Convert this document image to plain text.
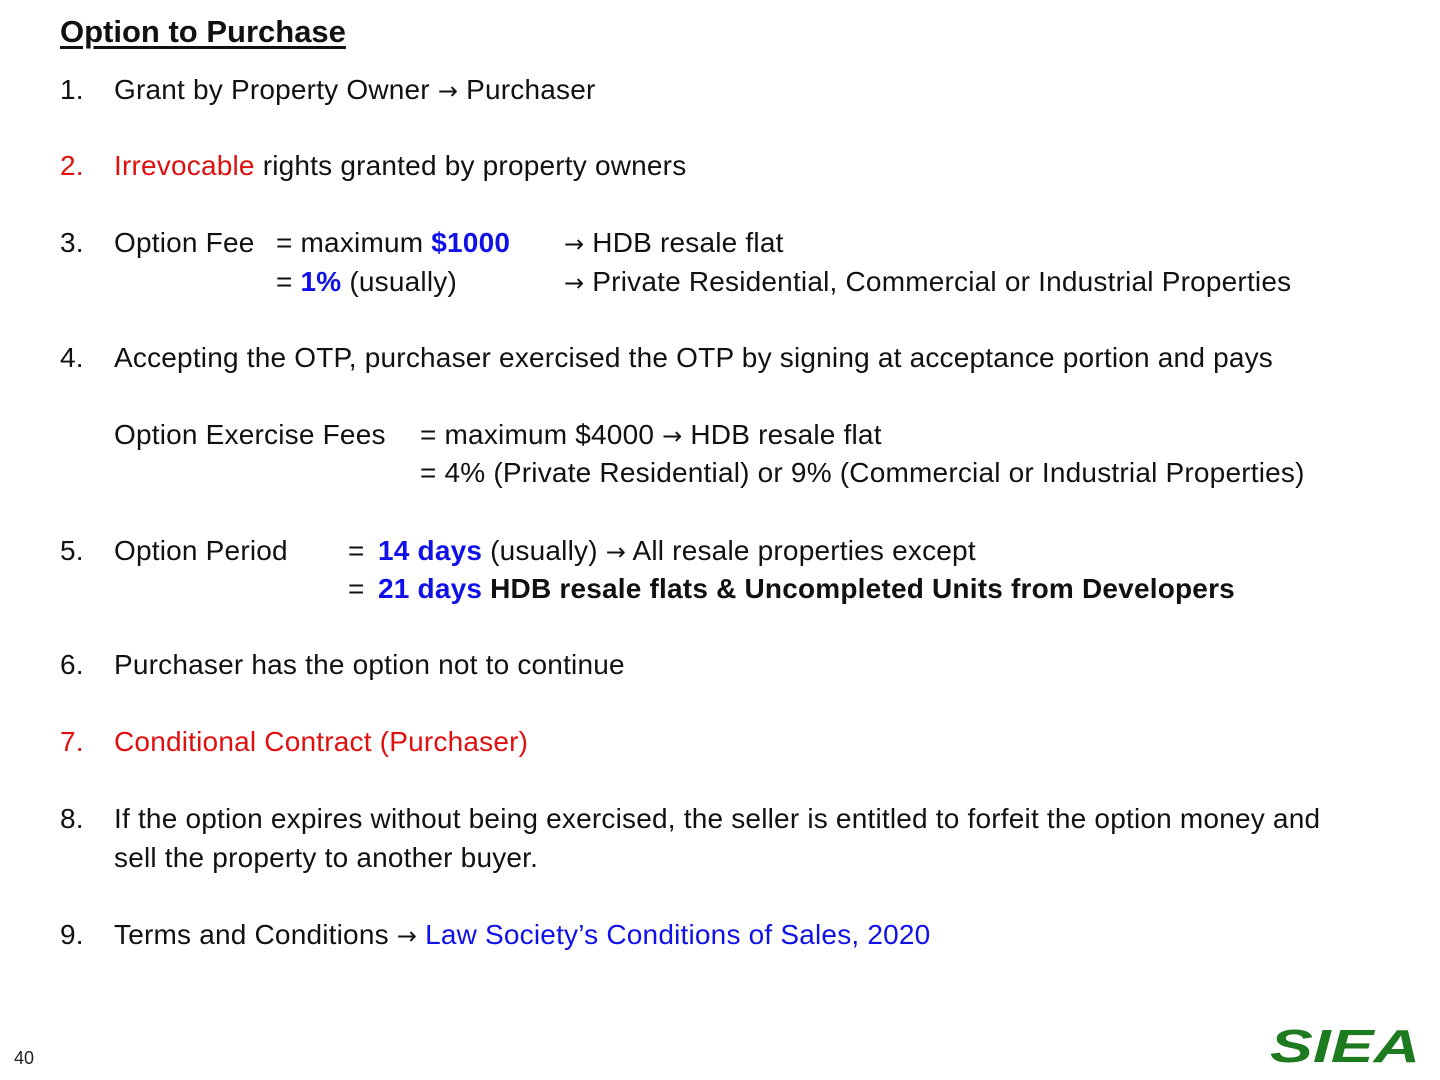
Option to Purchase
1. Grant by Property Owner → Purchaser
2. Irrevocable rights granted by property owners
3. Option Fee = maximum $1000 → HDB resale flat
= 1% (usually)	→ Private Residential, Commercial or Industrial Properties
4. Accepting the OTP, purchaser exercised the OTP by signing at acceptance portion and pays
Option Exercise Fees = maximum $4000 → HDB resale flat
= 4% (Private Residential) or 9% (Commercial or Industrial Properties)
5. Option Period = 14 days (usually) → All resale properties except
= 21 days HDB resale flats & Uncompleted Units from Developers
6. Purchaser has the option not to continue
7. Conditional Contract (Purchaser)
8. If the option expires without being exercised, the seller is entitled to forfeit the option money and
sell the property to another buyer.
9. Terms and Conditions → Law Society’s Conditions of Sales, 2020
40	SIEA
